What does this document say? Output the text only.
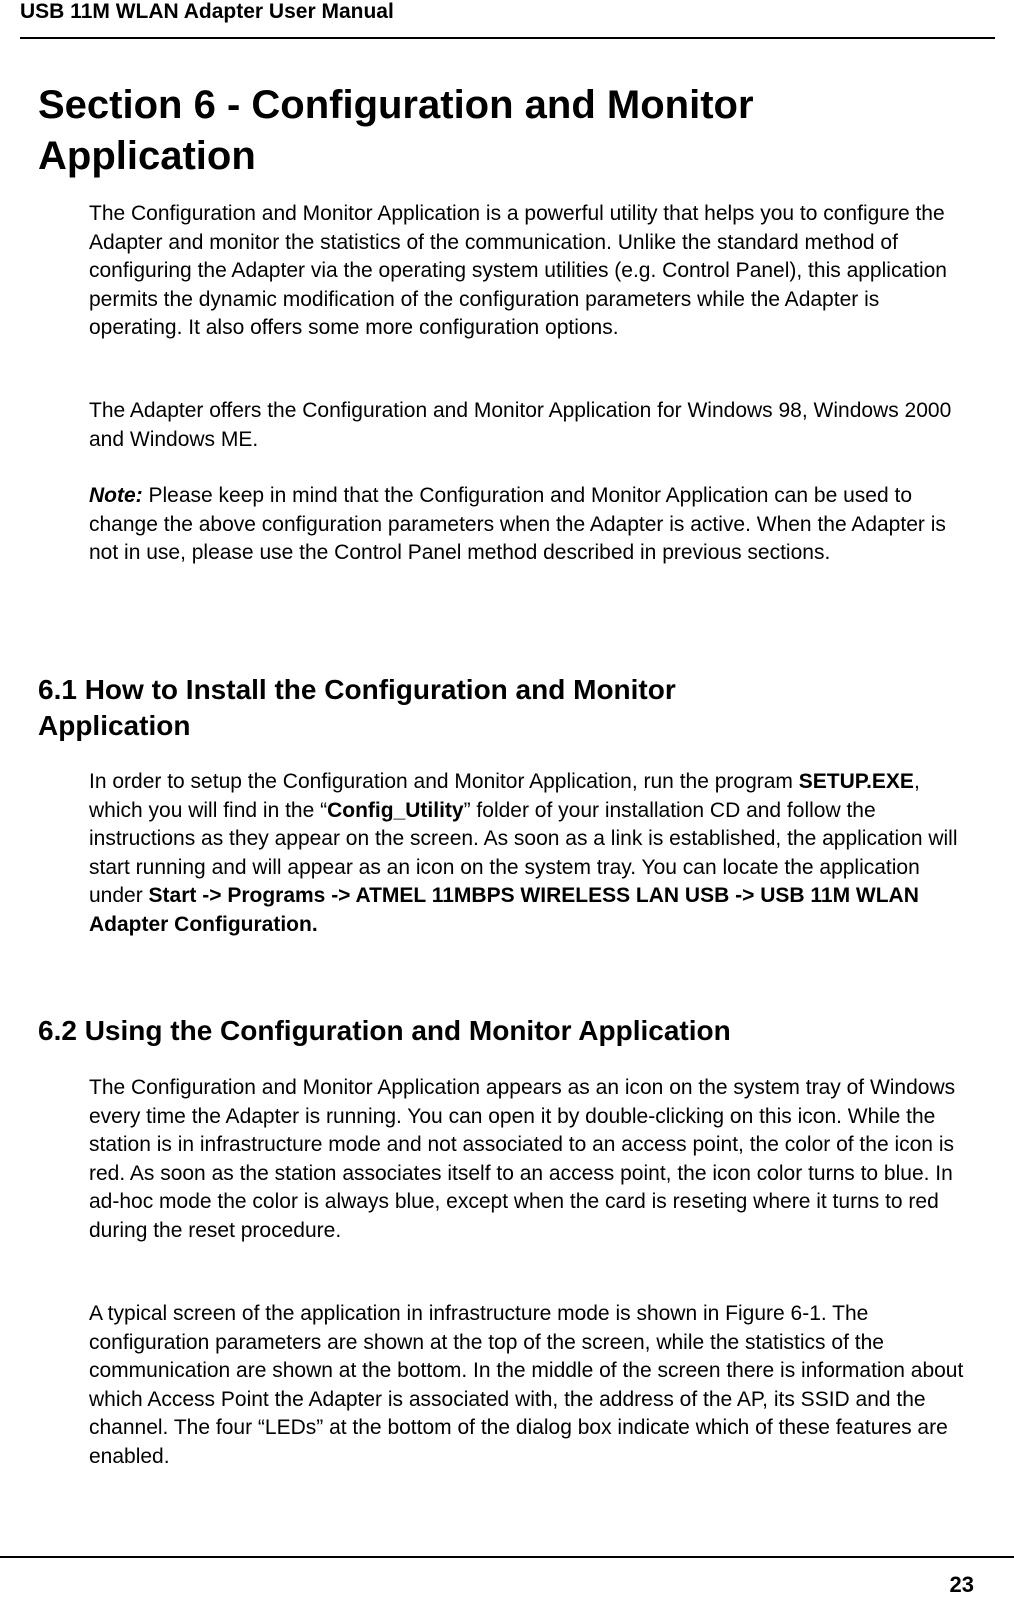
USB 11M WLAN Adapter User Manual
Section 6 - Configuration and Monitor
Application

The Configuration and Monitor Application is a powerful utility that helps you to configure the Adapter and monitor the statistics of the communication. Unlike the standard method of configuring the Adapter via the operating system utilities (e.g. Control Panel), this application permits the dynamic modification of the configuration parameters while the Adapter is operating. It also offers some more configuration options.

The Adapter offers the Configuration and Monitor Application for Windows 98, Windows 2000 and Windows ME.

Note: Please keep in mind that the Configuration and Monitor Application can be used to change the above configuration parameters when the Adapter is active. When the Adapter is not in use, please use the Control Panel method described in previous sections.

6.1 How to Install the Configuration and Monitor
Application

In order to setup the Configuration and Monitor Application, run the program SETUP.EXE, which you will find in the “Config_Utility” folder of your installation CD and follow the instructions as they appear on the screen. As soon as a link is established, the application will start running and will appear as an icon on the system tray. You can locate the application under Start -> Programs -> ATMEL 11MBPS WIRELESS LAN USB -> USB 11M WLAN Adapter Configuration.

6.2 Using the Configuration and Monitor Application

The Configuration and Monitor Application appears as an icon on the system tray of Windows every time the Adapter is running. You can open it by double-clicking on this icon. While the station is in infrastructure mode and not associated to an access point, the color of the icon is red. As soon as the station associates itself to an access point, the icon color turns to blue. In ad-hoc mode the color is always blue, except when the card is reseting where it turns to red during the reset procedure.

A typical screen of the application in infrastructure mode is shown in Figure 6-1. The configuration parameters are shown at the top of the screen, while the statistics of the communication are shown at the bottom. In the middle of the screen there is information about which Access Point the Adapter is associated with, the address of the AP, its SSID and the channel. The four “LEDs” at the bottom of the dialog box indicate which of these features are enabled.

23
